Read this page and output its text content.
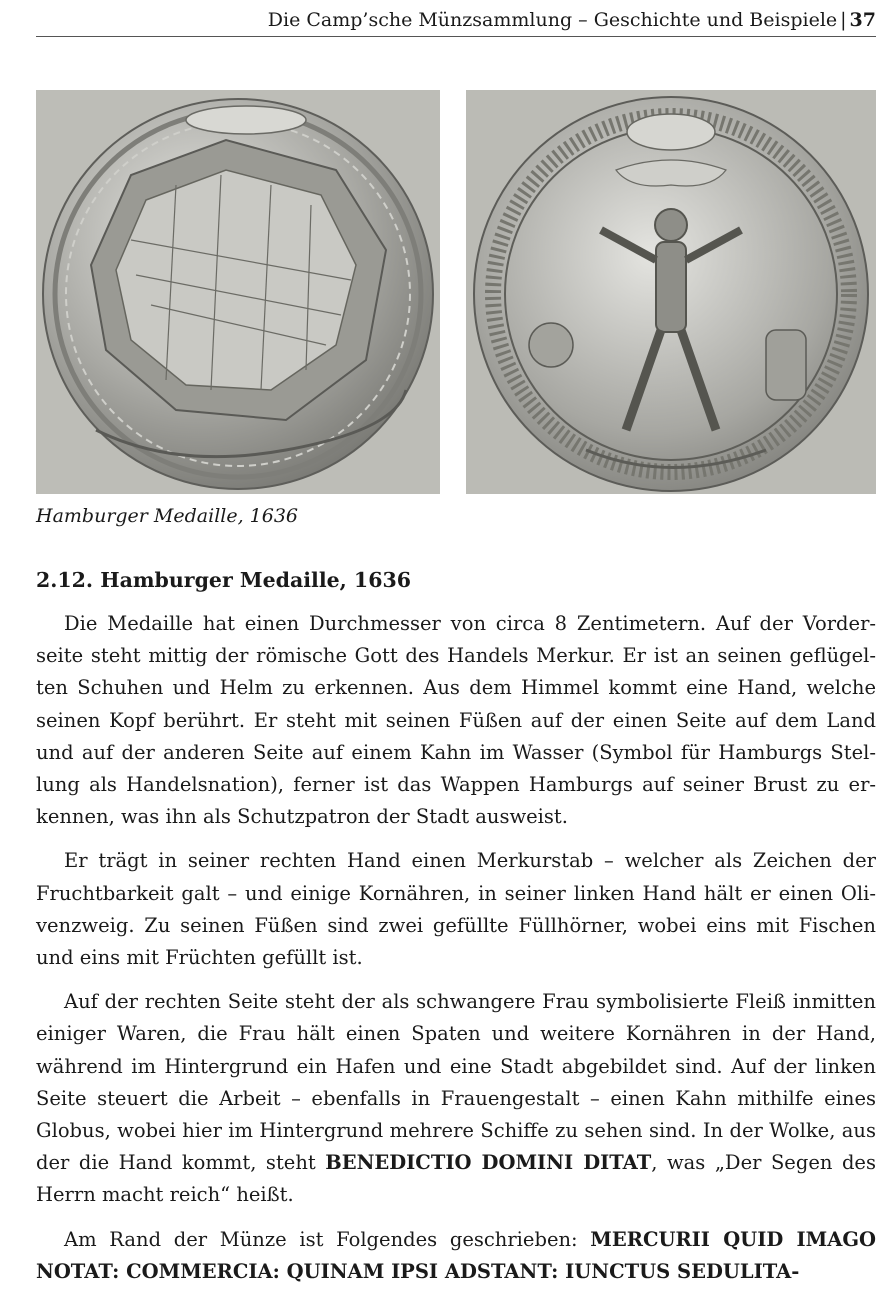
Die Camp’sche Münzsammlung – Geschichte und Beispiele | 37
Hamburger Medaille, 1636
2.12. Hamburger Medaille, 1636

Die Medaille hat einen Durchmesser von circa 8 Zentimetern. Auf der Vorderseite steht mittig der römische Gott des Handels Merkur. Er ist an seinen geflügelten Schuhen und Helm zu erkennen. Aus dem Himmel kommt eine Hand, welche seinen Kopf berührt. Er steht mit seinen Füßen auf der einen Seite auf dem Land und auf der anderen Seite auf einem Kahn im Wasser (Symbol für Hamburgs Stellung als Handelsnation), ferner ist das Wappen Hamburgs auf seiner Brust zu erkennen, was ihn als Schutzpatron der Stadt ausweist.

Er trägt in seiner rechten Hand einen Merkurstab – welcher als Zeichen der Fruchtbarkeit galt – und einige Kornähren, in seiner linken Hand hält er einen Olivenzweig. Zu seinen Füßen sind zwei gefüllte Füllhörner, wobei eins mit Fischen und eins mit Früchten gefüllt ist.

Auf der rechten Seite steht der als schwangere Frau symbolisierte Fleiß inmitten einiger Waren, die Frau hält einen Spaten und weitere Kornähren in der Hand, während im Hintergrund ein Hafen und eine Stadt abgebildet sind. Auf der linken Seite steuert die Arbeit – ebenfalls in Frauengestalt – einen Kahn mithilfe eines Globus, wobei hier im Hintergrund mehrere Schiffe zu sehen sind. In der Wolke, aus der die Hand kommt, steht BENEDICTIO DOMINI DITAT, was „Der Segen des Herrn macht reich“ heißt.

Am Rand der Münze ist Folgendes geschrieben: MERCURII QUID IMAGO NOTAT: COMMERCIA: QUINAM IPSI ADSTANT: IUNCTUS SEDULITA-
